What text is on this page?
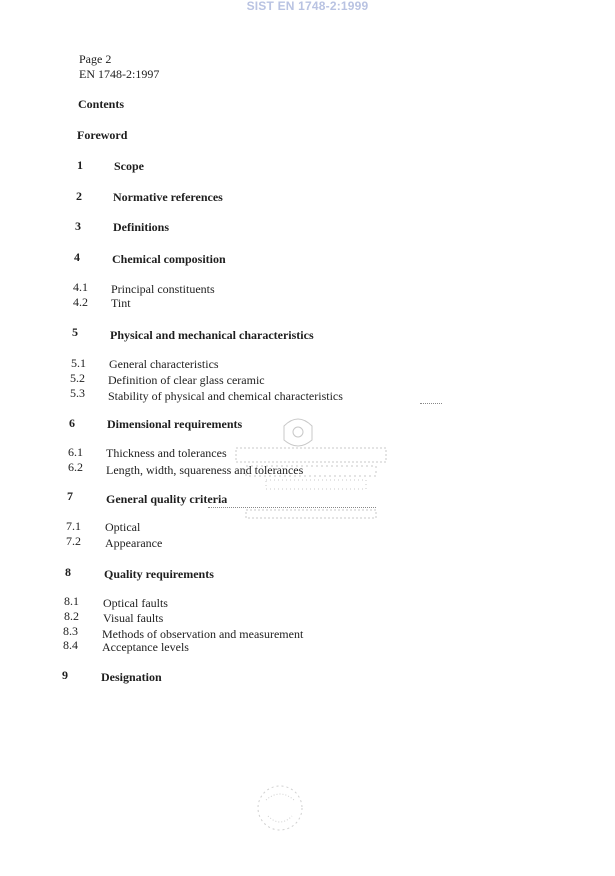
SIST EN 1748-2:1999
Page 2
EN 1748-2:1997
Contents
Foreword
1	Scope
2	Normative references
3	Definitions
4	Chemical composition
4.1 Principal constituents
4.2 Tint
5	Physical and mechanical characteristics
5.1 General characteristics
5.2 Definition of clear glass ceramic
5.3 Stability of physical and chemical characteristics
6	Dimensional requirements
6.1 Thickness and tolerances
6.2 Length, width, squareness and tolerances
7	General quality criteria
7.1 Optical
7.2 Appearance
8	Quality requirements
8.1 Optical faults
8.2 Visual faults
8.3 Methods of observation and measurement
8.4 Acceptance levels
9	Designation
